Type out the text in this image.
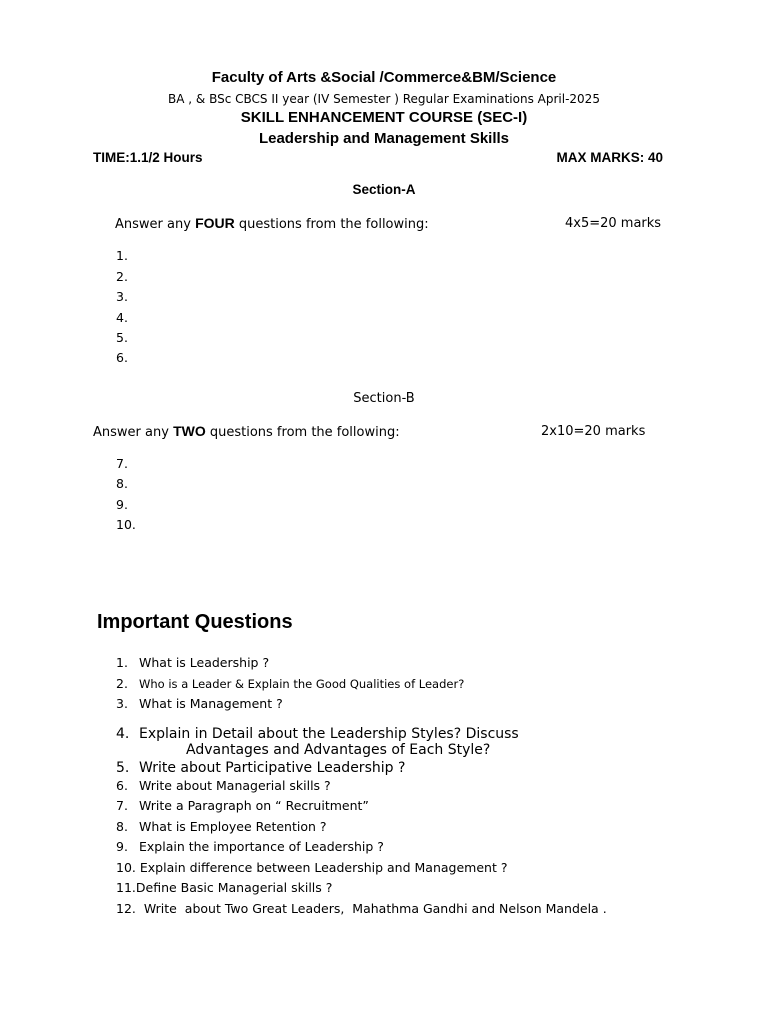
Faculty of Arts &Social /Commerce&BM/Science
BA , & BSc CBCS II year (IV Semester ) Regular Examinations April-2025
SKILL ENHANCEMENT COURSE (SEC-I)
Leadership and Management Skills
TIME:1.1/2 Hours	MAX MARKS: 40
Section-A
Answer any FOUR questions from the following:	4x5=20 marks
1.
2.
3.
4.
5.
6.
Section-B
Answer any TWO questions from the following:	2x10=20 marks
7.
8.
9.
10.
Important Questions
1. What is Leadership ?
2. Who is a Leader & Explain the Good Qualities of Leader?
3. What is Management ?
4. Explain in Detail about the Leadership Styles? Discuss
Advantages and Advantages of Each Style?
5. Write about Participative Leadership ?
6. Write about Managerial skills ?
7. Write a Paragraph on “ Recruitment”
8. What is Employee Retention ?
9. Explain the importance of Leadership ?
10. Explain difference between Leadership and Management ?
11.Define Basic Managerial skills ?
12.  Write  about Two Great Leaders,  Mahathma Gandhi and Nelson Mandela .
